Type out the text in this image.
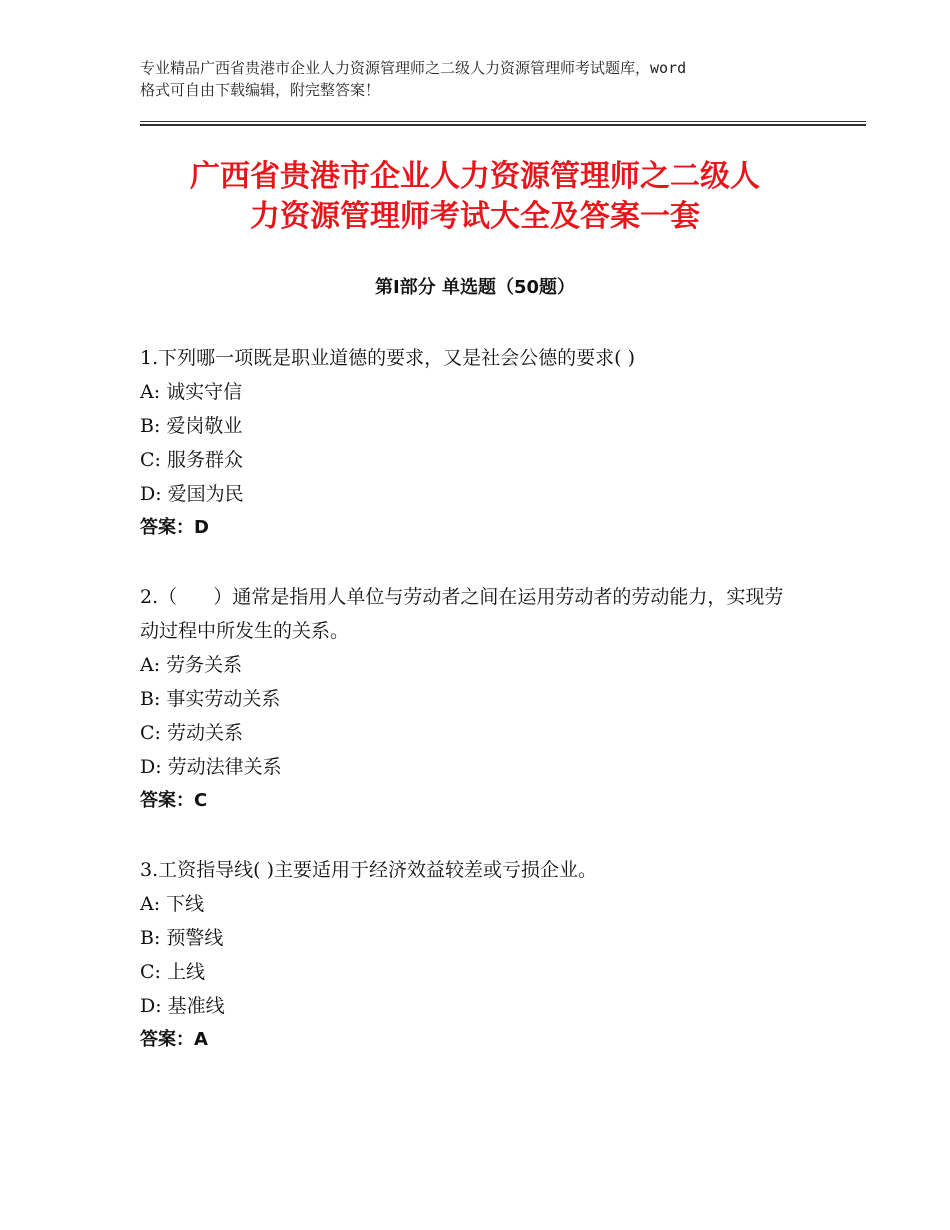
专业精品广西省贵港市企业人力资源管理师之二级人力资源管理师考试题库，word
格式可自由下载编辑，附完整答案！
广西省贵港市企业人力资源管理师之二级人
力资源管理师考试大全及答案一套
第Ⅰ部分 单选题（50题）
1.下列哪一项既是职业道德的要求，又是社会公德的要求( )
A: 诚实守信
B: 爱岗敬业
C: 服务群众
D: 爱国为民
答案：D
2.（      ）通常是指用人单位与劳动者之间在运用劳动者的劳动能力，实现劳动过程中所发生的关系。
A: 劳务关系
B: 事实劳动关系
C: 劳动关系
D: 劳动法律关系
答案：C
3.工资指导线( )主要适用于经济效益较差或亏损企业。
A: 下线
B: 预警线
C: 上线
D: 基准线
答案：A
